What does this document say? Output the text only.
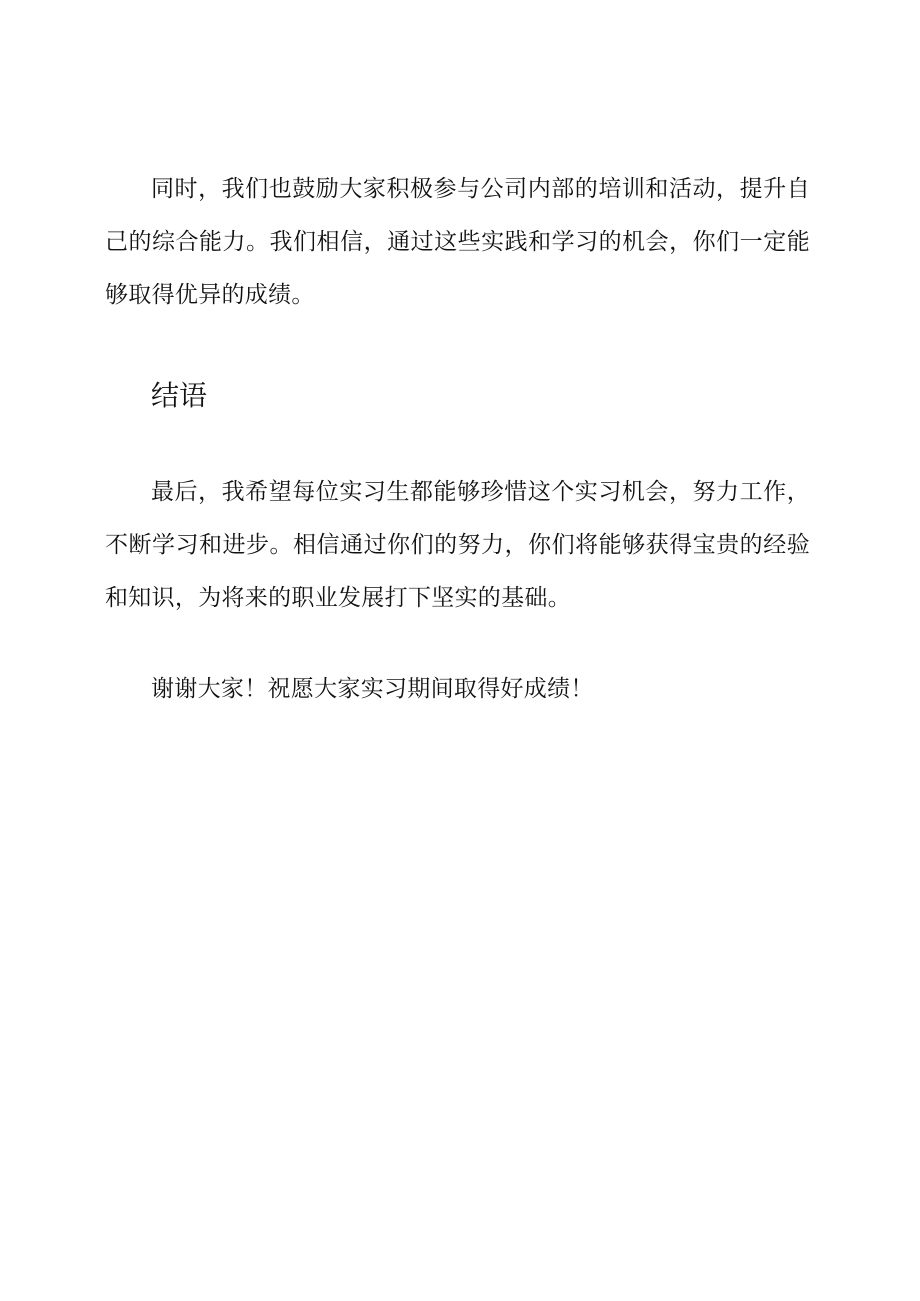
同时，我们也鼓励大家积极参与公司内部的培训和活动，提升自己的综合能力。我们相信，通过这些实践和学习的机会，你们一定能够取得优异的成绩。

结语

最后，我希望每位实习生都能够珍惜这个实习机会，努力工作，不断学习和进步。相信通过你们的努力，你们将能够获得宝贵的经验和知识，为将来的职业发展打下坚实的基础。

谢谢大家！祝愿大家实习期间取得好成绩！
